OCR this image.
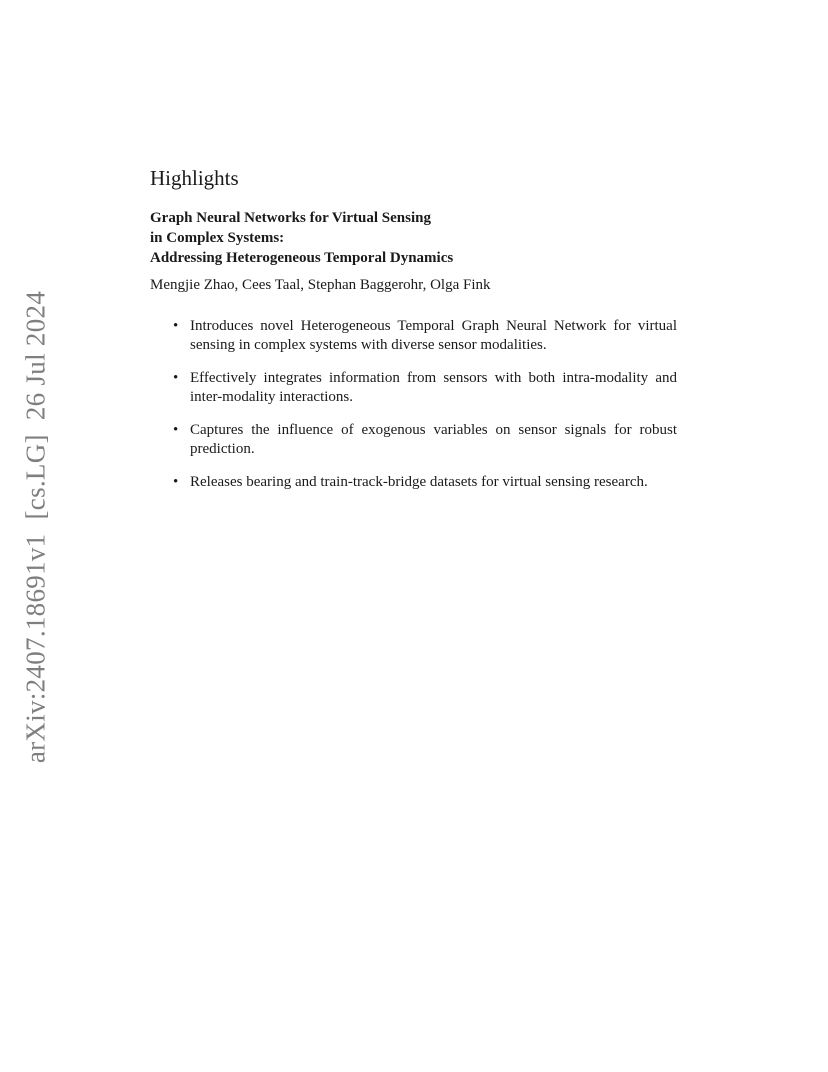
arXiv:2407.18691v1[cs.LG]26 Jul 2024
Highlights
Graph Neural Networks for Virtual Sensing
in Complex Systems:
Addressing Heterogeneous Temporal Dynamics
Mengjie Zhao, Cees Taal, Stephan Baggerohr, Olga Fink
• Introduces novel Heterogeneous Temporal Graph Neural Network for virtual sensing in complex systems with diverse sensor modalities.
• Effectively integrates information from sensors with both intra-modality and inter-modality interactions.
• Captures the influence of exogenous variables on sensor signals for robust prediction.
• Releases bearing and train-track-bridge datasets for virtual sensing research.
